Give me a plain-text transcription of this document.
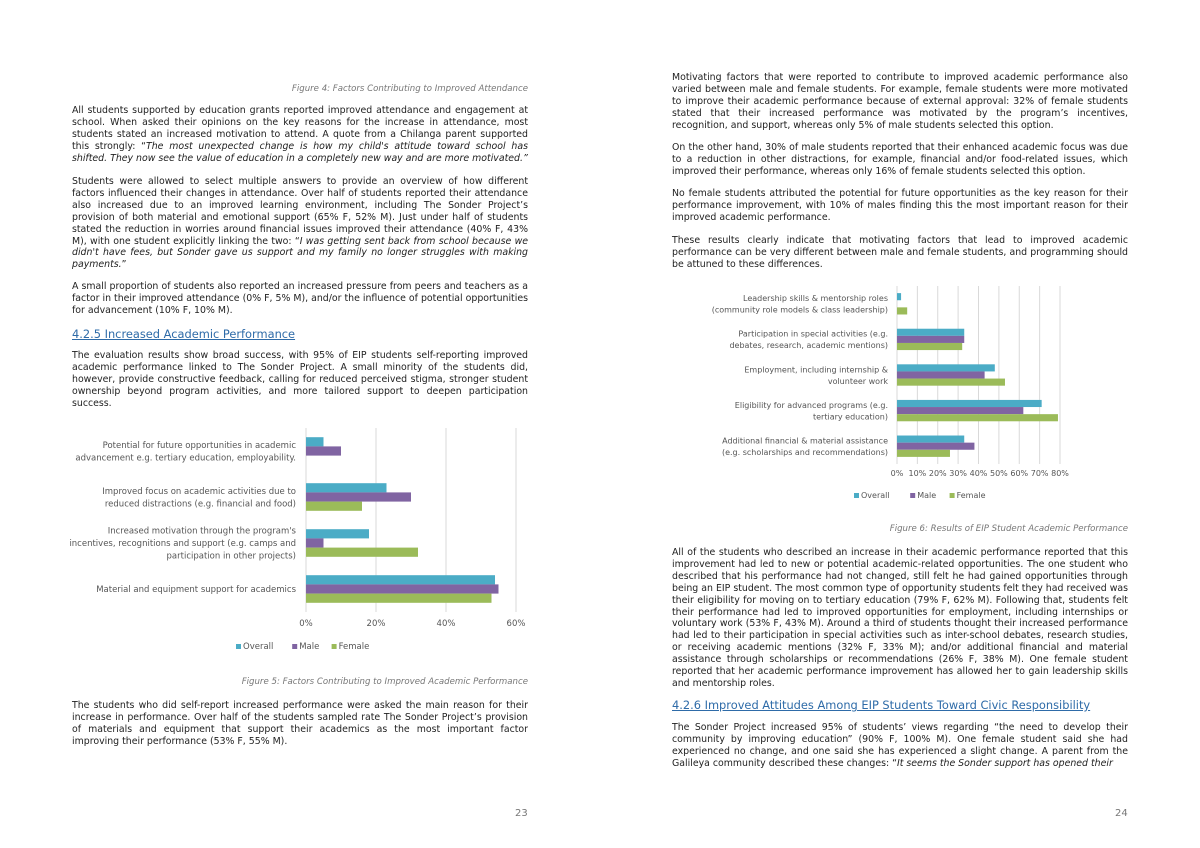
Figure 4: Factors Contributing to Improved Attendance

All students supported by education grants reported improved attendance and engagement at school. When asked their opinions on the key reasons for the increase in attendance, most students stated an increased motivation to attend. A quote from a Chilanga parent supported this strongly: “The most unexpected change is how my child's attitude toward school has shifted. They now see the value of education in a completely new way and are more motivated.”

Students were allowed to select multiple answers to provide an overview of how different factors influenced their changes in attendance. Over half of students reported their attendance also increased due to an improved learning environment, including The Sonder Project’s provision of both material and emotional support (65% F, 52% M). Just under half of students stated the reduction in worries around financial issues improved their attendance (40% F, 43% M), with one student explicitly linking the two: “I was getting sent back from school because we didn't have fees, but Sonder gave us support and my family no longer struggles with making payments.”

A small proportion of students also reported an increased pressure from peers and teachers as a factor in their improved attendance (0% F, 5% M), and/or the influence of potential opportunities for advancement (10% F, 10% M).

4.2.5 Increased Academic Performance

The evaluation results show broad success, with 95% of EIP students self-reporting improved academic performance linked to The Sonder Project. A small minority of the students did, however, provide constructive feedback, calling for reduced perceived stigma, stronger student ownership beyond program activities, and more tailored support to deepen participation success.

Potential for future opportunities in academic
advancement e.g. tertiary education, employability.
Improved focus on academic activities due to
reduced distractions (e.g. financial and food)
Increased motivation through the program's
incentives, recognitions and support (e.g. camps and
participation in other projects)
Material and equipment support for academics
0%	20%	40%	60%
Overall	Male Female

Figure 5: Factors Contributing to Improved Academic Performance

The students who did self-report increased performance were asked the main reason for their increase in performance. Over half of the students sampled rate The Sonder Project’s provision of materials and equipment that support their academics as the most important factor improving their performance (53% F, 55% M).

23

Motivating factors that were reported to contribute to improved academic performance also varied between male and female students. For example, female students were more motivated to improve their academic performance because of external approval: 32% of female students stated that their increased performance was motivated by the program’s incentives, recognition, and support, whereas only 5% of male students selected this option.

On the other hand, 30% of male students reported that their enhanced academic focus was due to a reduction in other distractions, for example, financial and/or food-related issues, which improved their performance, whereas only 16% of female students selected this option.

No female students attributed the potential for future opportunities as the key reason for their performance improvement, with 10% of males finding this the most important reason for their improved academic performance.

These results clearly indicate that motivating factors that lead to improved academic performance can be very different between male and female students, and programming should be attuned to these differences.

Leadership skills & mentorship roles
(community role models & class leadership)
Participation in special activities (e.g.
debates, research, academic mentions)
Employment, including internship &
volunteer work
Eligibility for advanced programs (e.g.
tertiary education)
Additional financial & material assistance
(e.g. scholarships and recommendations)
0% 10% 20% 30% 40% 50% 60% 70% 80%
Overall	Male	Female

Figure 6: Results of EIP Student Academic Performance

All of the students who described an increase in their academic performance reported that this improvement had led to new or potential academic-related opportunities. The one student who described that his performance had not changed, still felt he had gained opportunities through being an EIP student. The most common type of opportunity students felt they had received was their eligibility for moving on to tertiary education (79% F, 62% M). Following that, students felt their performance had led to improved opportunities for employment, including internships or voluntary work (53% F, 43% M). Around a third of students thought their increased performance had led to their participation in special activities such as inter-school debates, research studies, or receiving academic mentions (32% F, 33% M); and/or additional financial and material assistance through scholarships or recommendations (26% F, 38% M). One female student reported that her academic performance improvement has allowed her to gain leadership skills and mentorship roles.

4.2.6 Improved Attitudes Among EIP Students Toward Civic Responsibility

The Sonder Project increased 95% of students’ views regarding “the need to develop their community by improving education” (90% F, 100% M). One female student said she had experienced no change, and one said she has experienced a slight change. A parent from the Galileya community described these changes: “It seems the Sonder support has opened their

24
